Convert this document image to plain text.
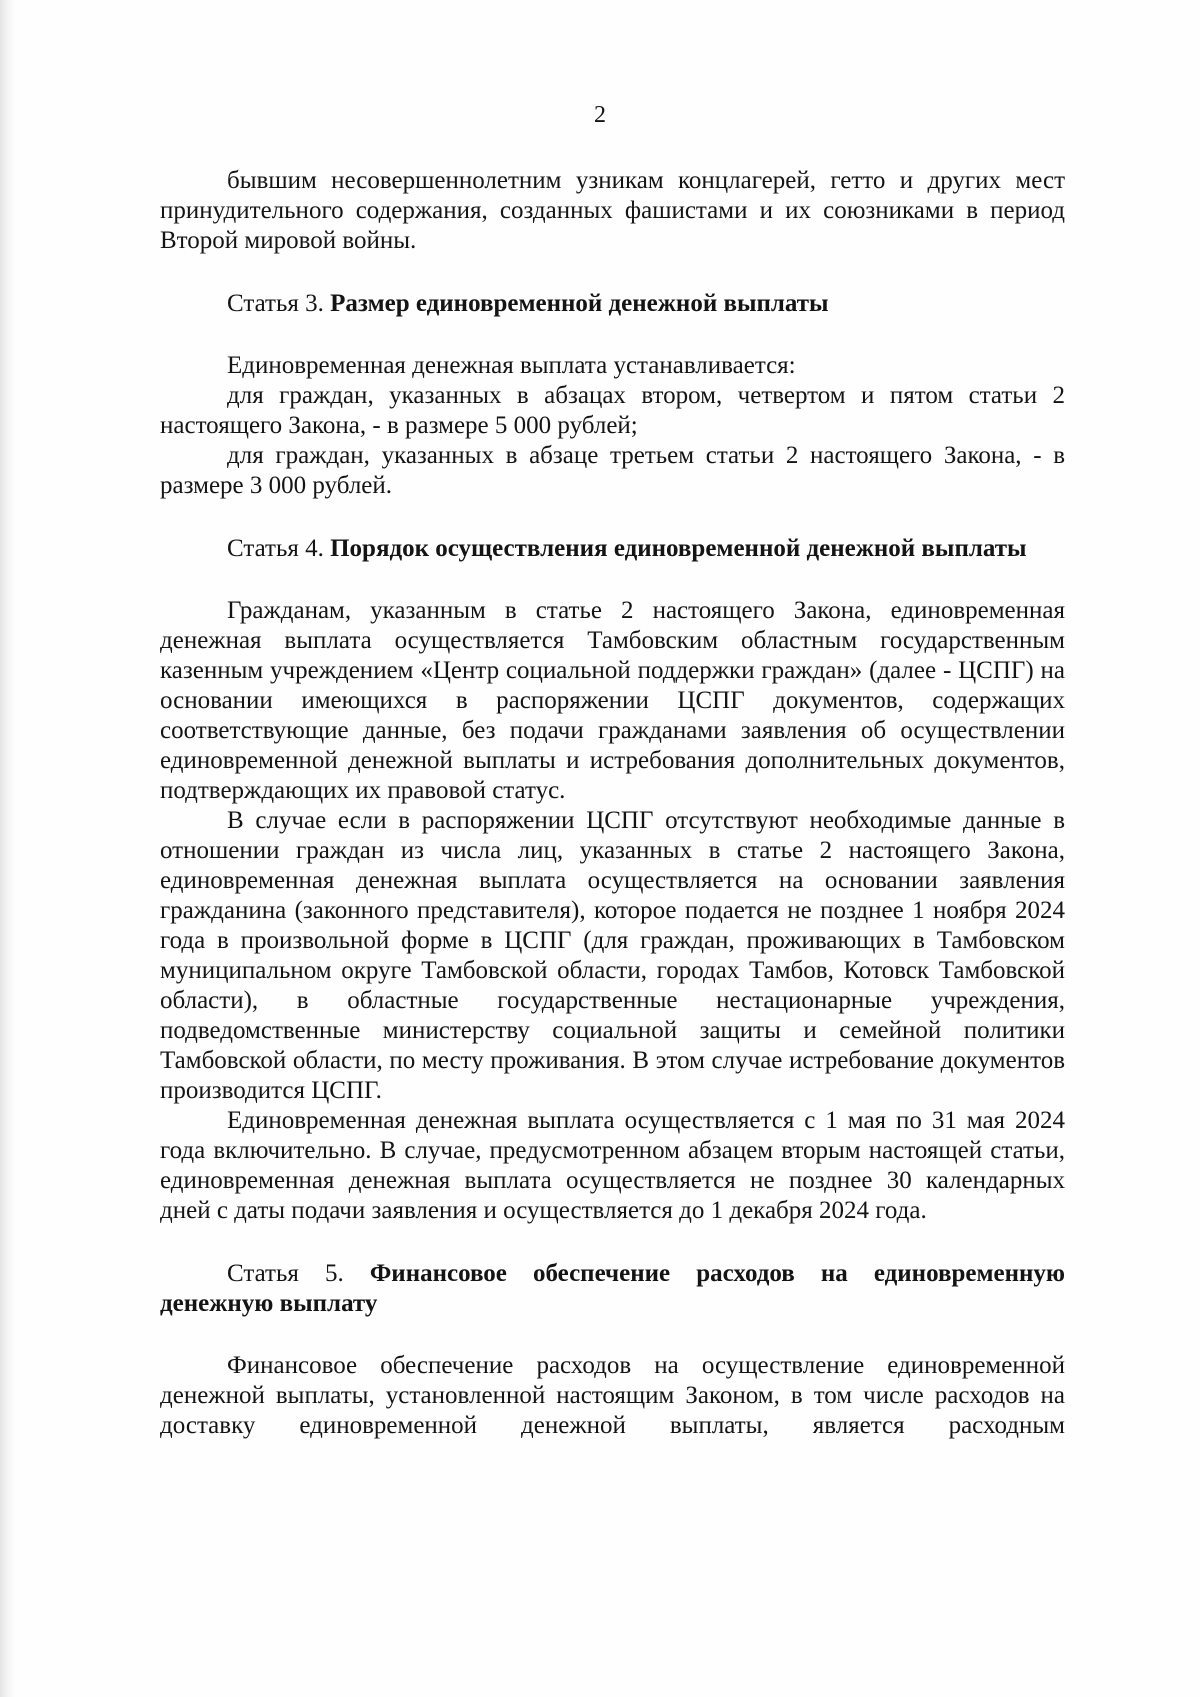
2

бывшим несовершеннолетним узникам концлагерей, гетто и других мест принудительного содержания, созданных фашистами и их союзниками в период Второй мировой войны.

Статья 3. Размер единовременной денежной выплаты

Единовременная денежная выплата устанавливается:

для граждан, указанных в абзацах втором, четвертом и пятом статьи 2 настоящего Закона, - в размере 5 000 рублей;

для граждан, указанных в абзаце третьем статьи 2 настоящего Закона, - в размере 3 000 рублей.

Статья 4. Порядок осуществления единовременной денежной выплаты

Гражданам, указанным в статье 2 настоящего Закона, единовременная денежная выплата осуществляется Тамбовским областным государственным казенным учреждением «Центр социальной поддержки граждан» (далее - ЦСПГ) на основании имеющихся в распоряжении ЦСПГ документов, содержащих соответствующие данные, без подачи гражданами заявления об осуществлении единовременной денежной выплаты и истребования дополнительных документов, подтверждающих их правовой статус.

В случае если в распоряжении ЦСПГ отсутствуют необходимые данные в отношении граждан из числа лиц, указанных в статье 2 настоящего Закона, единовременная денежная выплата осуществляется на основании заявления гражданина (законного представителя), которое подается не позднее 1 ноября 2024 года в произвольной форме в ЦСПГ (для граждан, проживающих в Тамбовском муниципальном округе Тамбовской области, городах Тамбов, Котовск Тамбовской области), в областные государственные нестационарные учреждения, подведомственные министерству социальной защиты и семейной политики Тамбовской области, по месту проживания. В этом случае истребование документов производится ЦСПГ.

Единовременная денежная выплата осуществляется с 1 мая по 31 мая 2024 года включительно. В случае, предусмотренном абзацем вторым настоящей статьи, единовременная денежная выплата осуществляется не позднее 30 календарных дней с даты подачи заявления и осуществляется до 1 декабря 2024 года.

Статья 5. Финансовое обеспечение расходов на единовременную денежную выплату

Финансовое обеспечение расходов на осуществление единовременной денежной выплаты, установленной настоящим Законом, в том числе расходов на доставку единовременной денежной выплаты, является расходным
